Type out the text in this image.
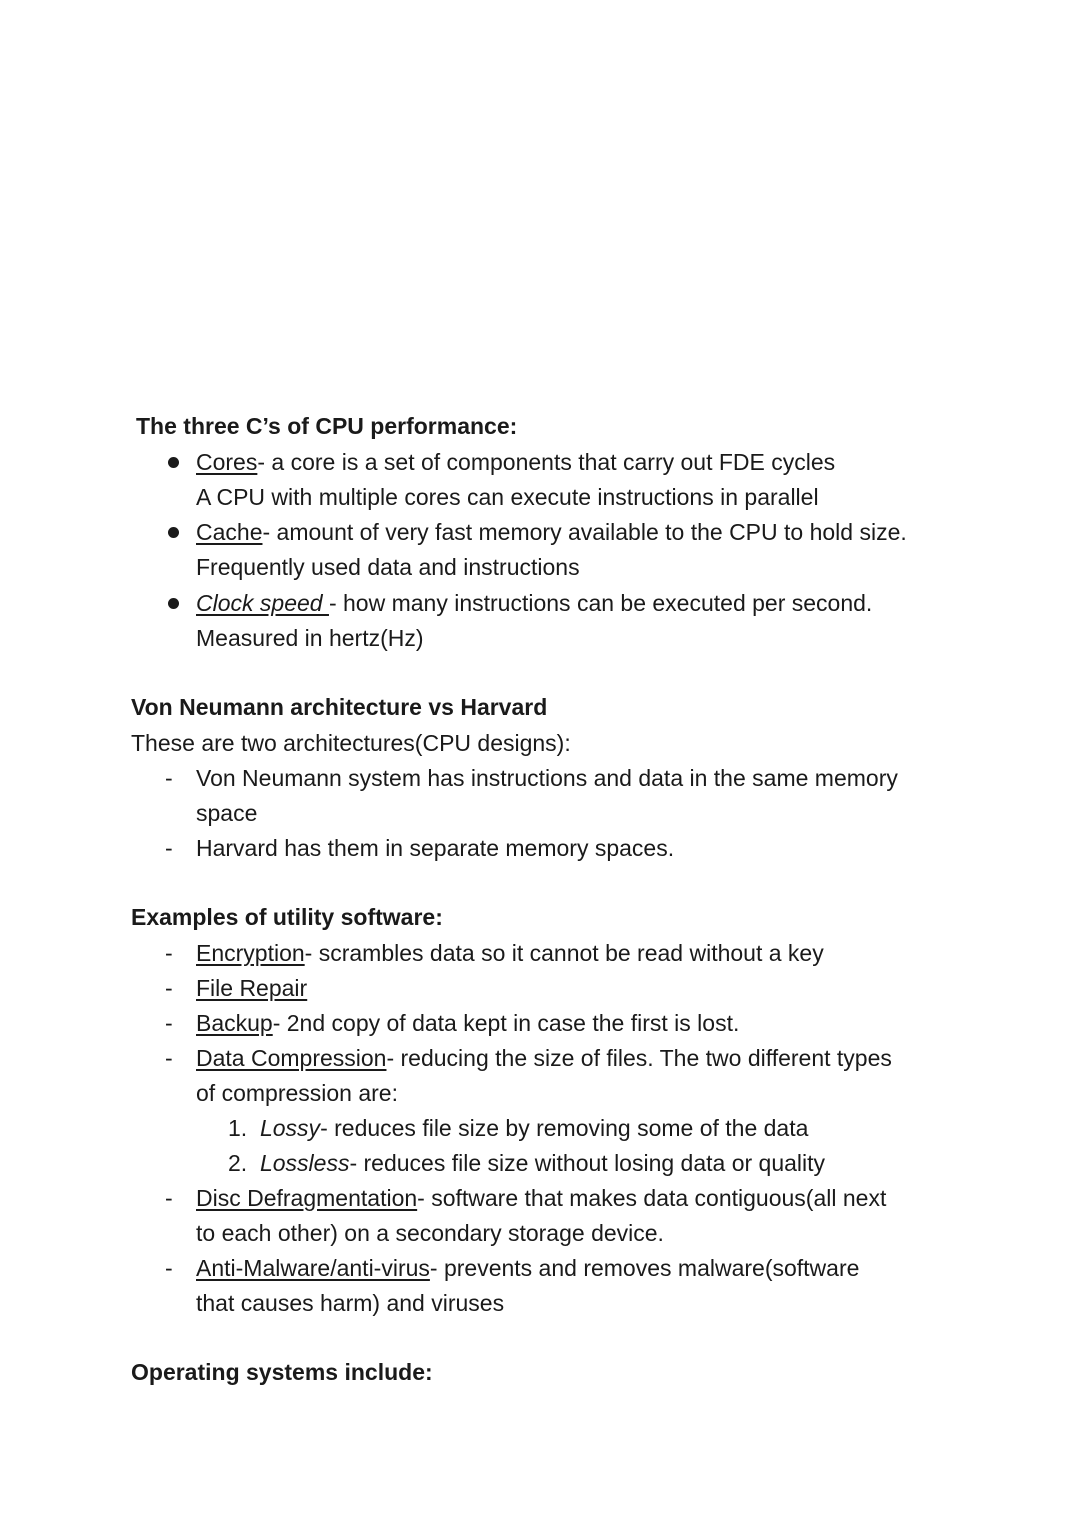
The three C’s of CPU performance:
Cores- a core is a set of components that carry out FDE cycles
A CPU with multiple cores can execute instructions in parallel
Cache- amount of very fast memory available to the CPU to hold size.
Frequently used data and instructions
Clock speed - how many instructions can be executed per second.
Measured in hertz(Hz)
Von Neumann architecture vs Harvard
These are two architectures(CPU designs):
- Von Neumann system has instructions and data in the same memory
space
- Harvard has them in separate memory spaces.
Examples of utility software:
- Encryption- scrambles data so it cannot be read without a key
- File Repair
- Backup- 2nd copy of data kept in case the first is lost.
- Data Compression- reducing the size of files. The two different types
of compression are:
1. Lossy- reduces file size by removing some of the data
2. Lossless- reduces file size without losing data or quality
- Disc Defragmentation- software that makes data contiguous(all next
to each other) on a secondary storage device.
- Anti-Malware/anti-virus- prevents and removes malware(software
that causes harm) and viruses
Operating systems include:
